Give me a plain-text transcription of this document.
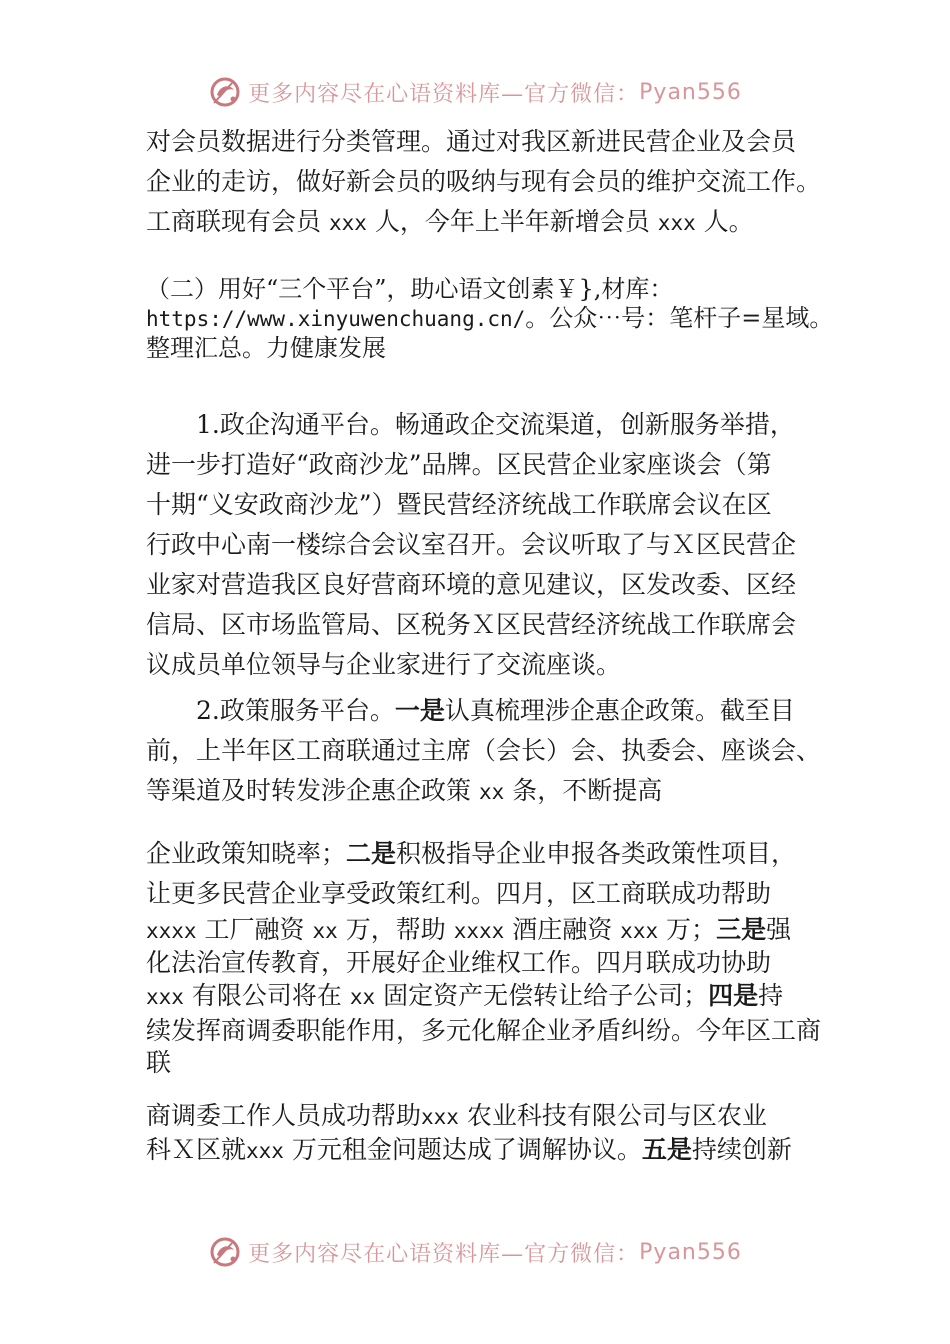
更多内容尽在心语资料库—官方微信： Pyan556

对会员数据进行分类管理。通过对我区新进民营企业及会员

企业的走访，做好新会员的吸纳与现有会员的维护交流工作。

工商联现有会员 xxx 人，今年上半年新增会员 xxx 人。

（二）用好“三个平台”，助心语文创素￥},材库：

https://www.xinyuwenchuang.cn/。公众⋯号：笔杆子=星域。

整理汇总。力健康发展

1.政企沟通平台。畅通政企交流渠道，创新服务举措，

进一步打造好“政商沙龙”品牌。区民营企业家座谈会（第

十期“义安政商沙龙”）暨民营经济统战工作联席会议在区

行政中心南一楼综合会议室召开。会议听取了与Ｘ区民营企

业家对营造我区良好营商环境的意见建议，区发改委、区经

信局、区市场监管局、区税务Ｘ区民营经济统战工作联席会

议成员单位领导与企业家进行了交流座谈。

2.政策服务平台。一是认真梳理涉企惠企政策。截至目

前，上半年区工商联通过主席（会长）会、执委会、座谈会、

等渠道及时转发涉企惠企政策 xx 条，不断提高

企业政策知晓率；二是积极指导企业申报各类政策性项目，

让更多民营企业享受政策红利。四月，区工商联成功帮助

xxxx 工厂融资 xx 万，帮助 xxxx 酒庄融资 xxx 万；三是强

化法治宣传教育，开展好企业维权工作。四月联成功协助

xxx 有限公司将在 xx 固定资产无偿转让给子公司；四是持

续发挥商调委职能作用，多元化解企业矛盾纠纷。今年区工商

联

商调委工作人员成功帮助xxx 农业科技有限公司与区农业

科Ｘ区就xxx 万元租金问题达成了调解协议。五是持续创新

更多内容尽在心语资料库—官方微信： Pyan556
